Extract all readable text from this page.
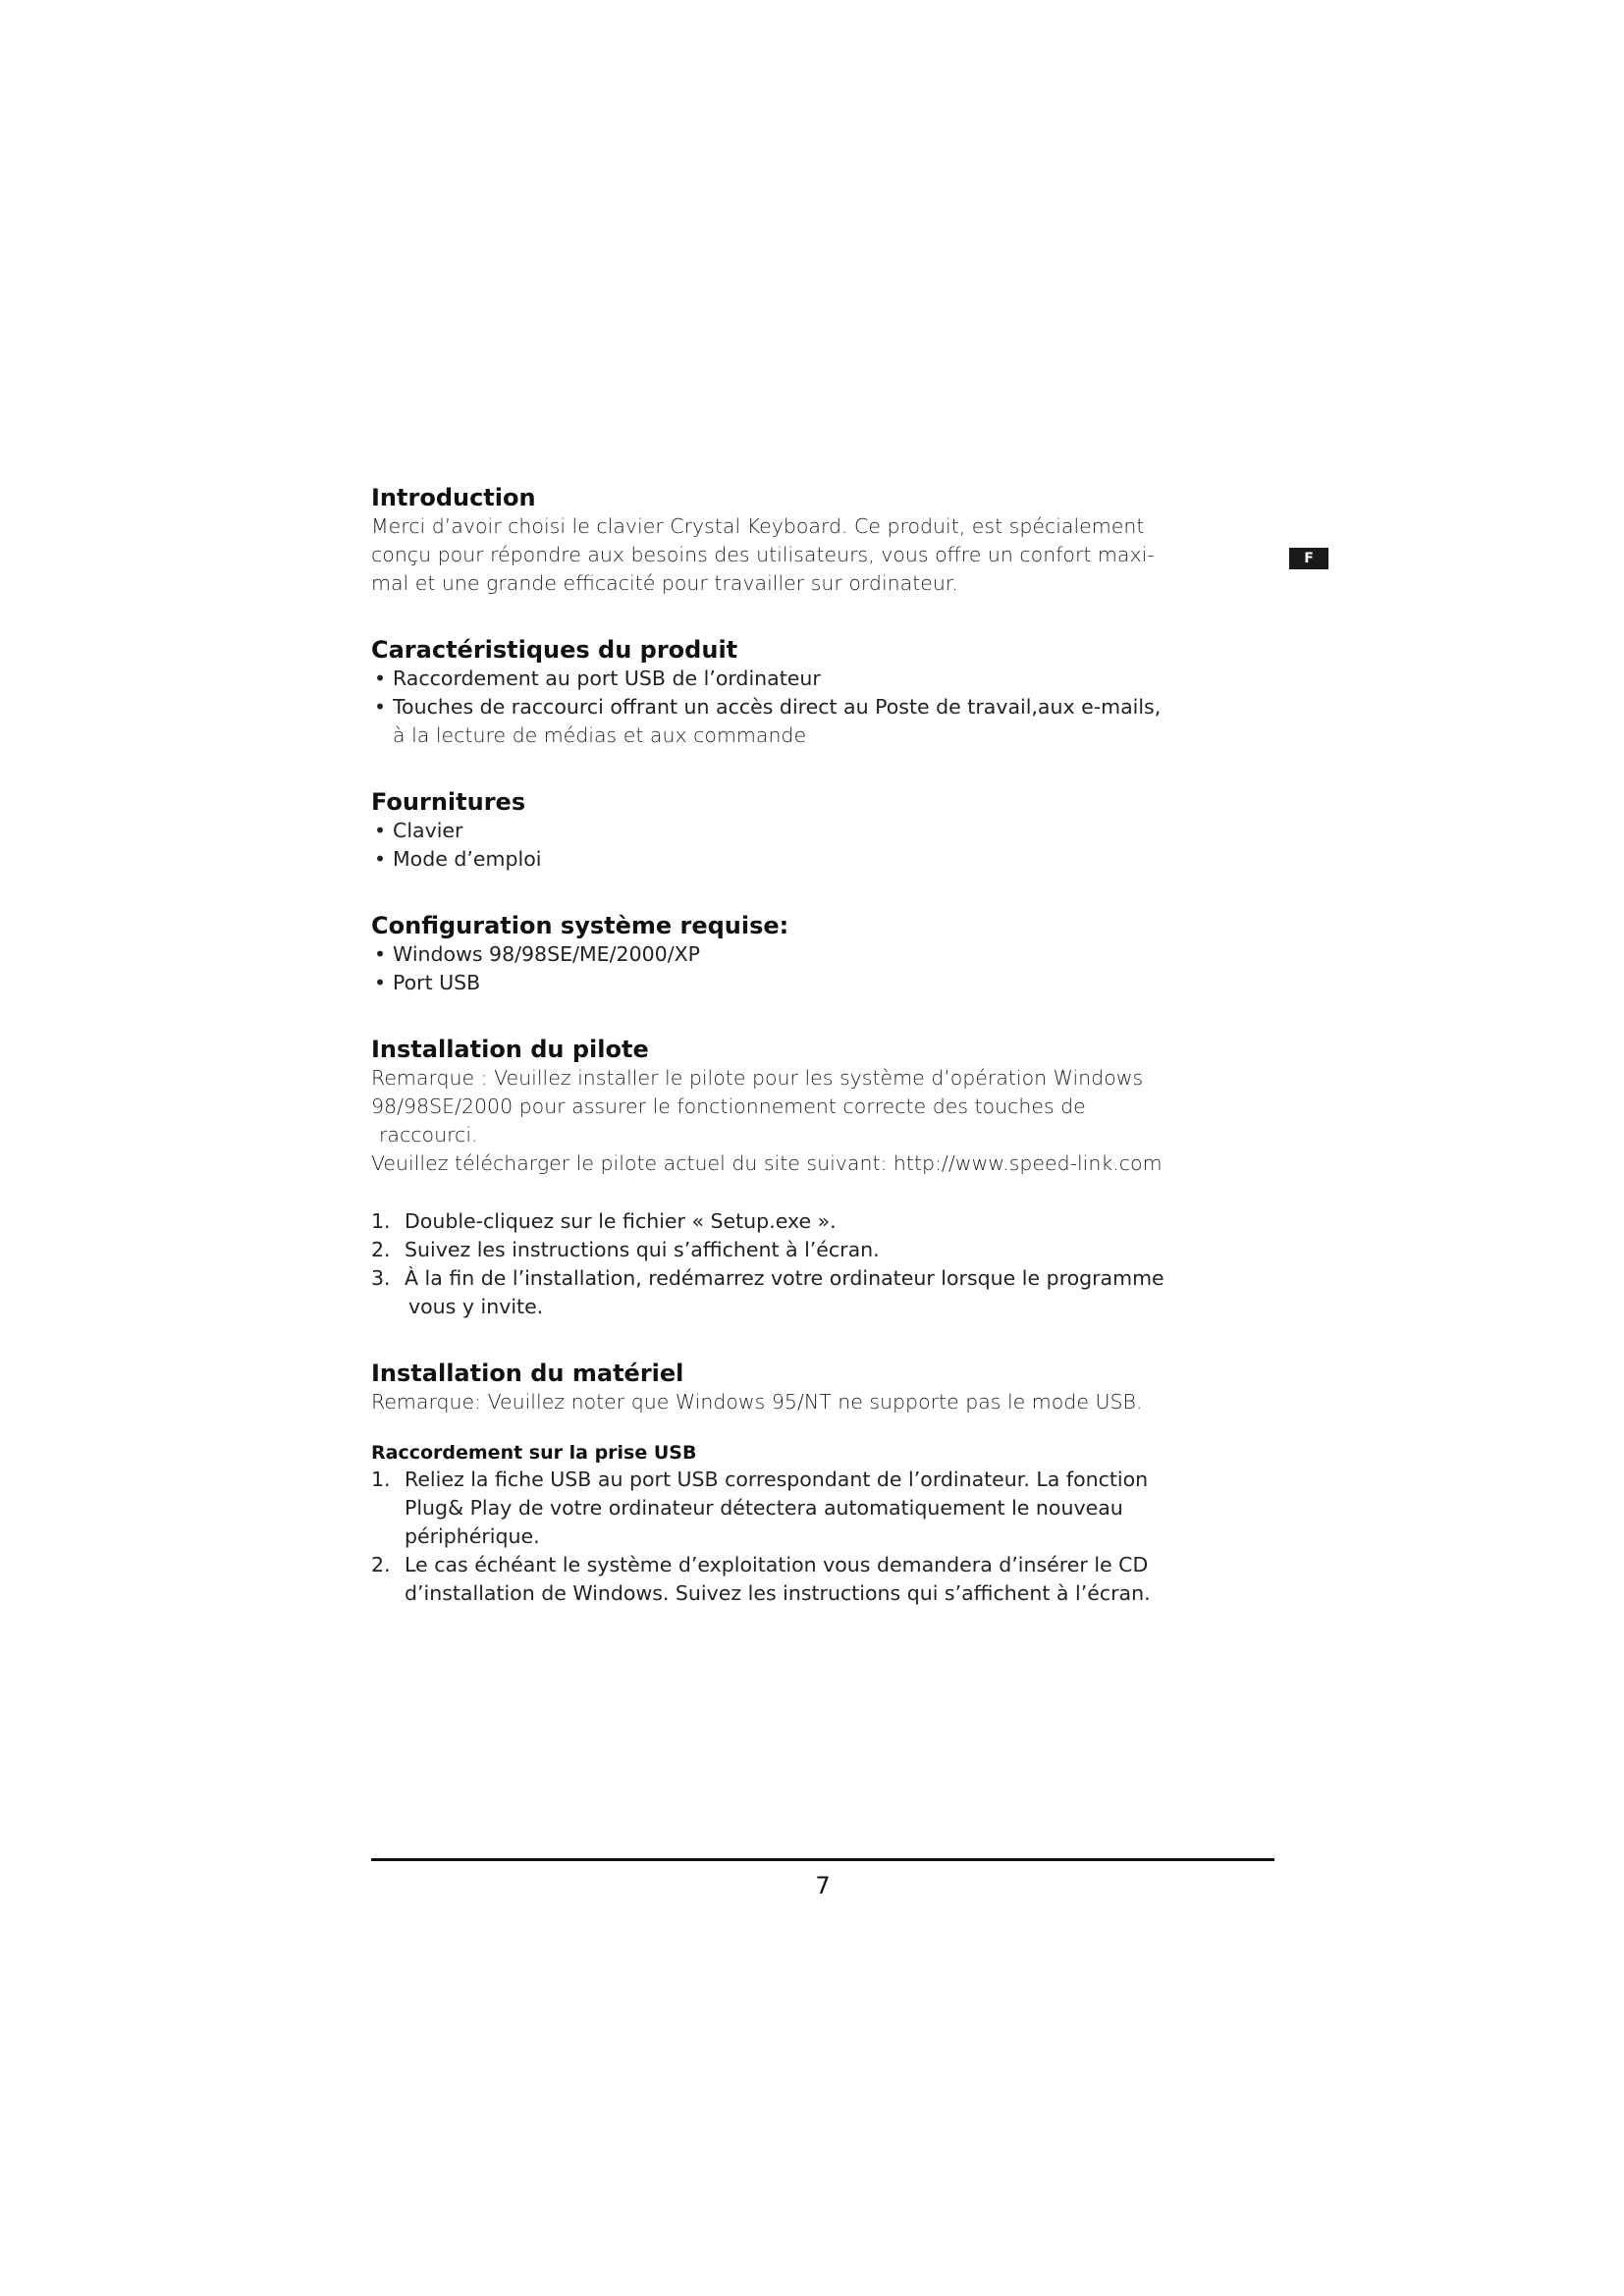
F
Introduction
Merci d’avoir choisi le clavier Crystal Keyboard. Ce produit, est spécialement
conçu pour répondre aux besoins des utilisateurs, vous offre un confort maxi-
mal et une grande efficacité pour travailler sur ordinateur.
Caractéristiques du produit
• Raccordement au port USB de l’ordinateur
• Touches de raccourci offrant un accès direct au Poste de travail,aux e-mails,
à la lecture de médias et aux commande
Fournitures
• Clavier
• Mode d’emploi
Configuration système requise:
• Windows 98/98SE/ME/2000/XP
• Port USB
Installation du pilote
Remarque : Veuillez installer le pilote pour les système d’opération Windows
98/98SE/2000 pour assurer le fonctionnement correcte des touches de
raccourci.
Veuillez télécharger le pilote actuel du site suivant: http://www.speed-link.com
1. Double-cliquez sur le fichier « Setup.exe ».
2. Suivez les instructions qui s’affichent à l’écran.
3. À la fin de l’installation, redémarrez votre ordinateur lorsque le programme
vous y invite.
Installation du matériel
Remarque: Veuillez noter que Windows 95/NT ne supporte pas le mode USB.
Raccordement sur la prise USB
1. Reliez la fiche USB au port USB correspondant de l’ordinateur. La fonction
Plug& Play de votre ordinateur détectera automatiquement le nouveau
périphérique.
2. Le cas échéant le système d’exploitation vous demandera d’insérer le CD
d’installation de Windows. Suivez les instructions qui s’affichent à l’écran.
7
